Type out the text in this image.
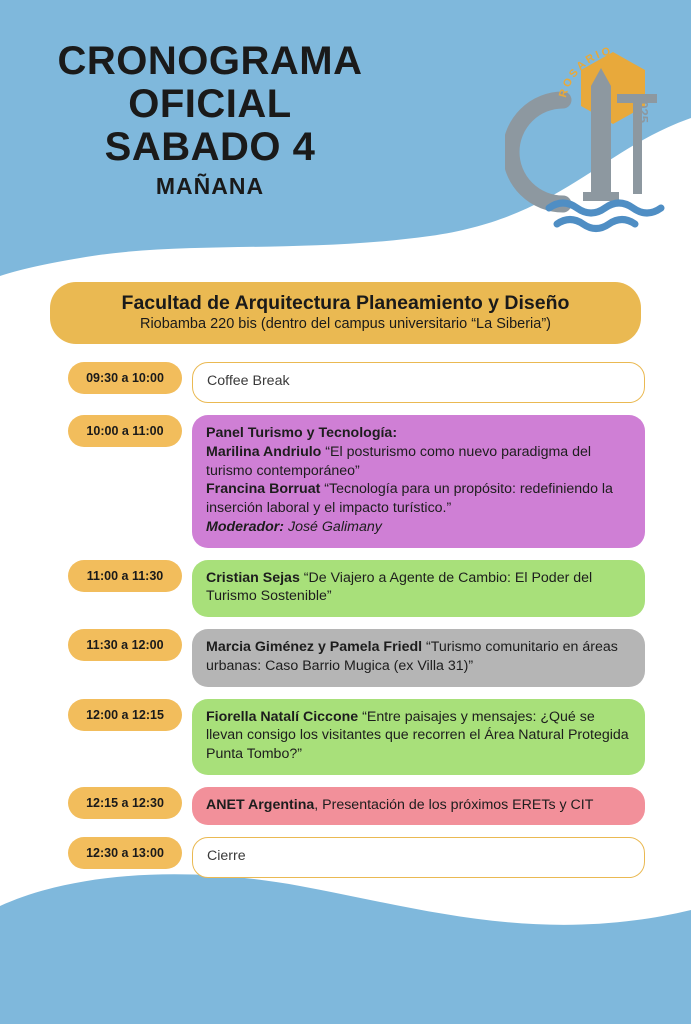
CRONOGRAMA
OFICIAL
SABADO 4
MAÑANA
ROSARIO
2025
Facultad de Arquitectura Planeamiento y Diseño
Riobamba 220 bis (dentro del campus universitario “La Siberia”)
09:30 a 10:00	Coffee Break
10:00 a 11:00	Panel Turismo y Tecnología:
Marilina Andriulo “El posturismo como nuevo paradigma del turismo contemporáneo”
Francina Borruat “Tecnología para un propósito: redefiniendo la inserción laboral y el impacto turístico.”
Moderador: José Galimany
11:00 a 11:30	Cristian Sejas “De Viajero a Agente de Cambio: El Poder del Turismo Sostenible”
11:30 a 12:00	Marcia Giménez y Pamela Friedl “Turismo comunitario en áreas urbanas: Caso Barrio Mugica (ex Villa 31)”
12:00 a 12:15	Fiorella Natalí Ciccone “Entre paisajes y mensajes: ¿Qué se llevan consigo los visitantes que recorren el Área Natural Protegida Punta Tombo?”
12:15 a 12:30	ANET Argentina, Presentación de los próximos ERETs y CIT
12:30 a 13:00	Cierre
